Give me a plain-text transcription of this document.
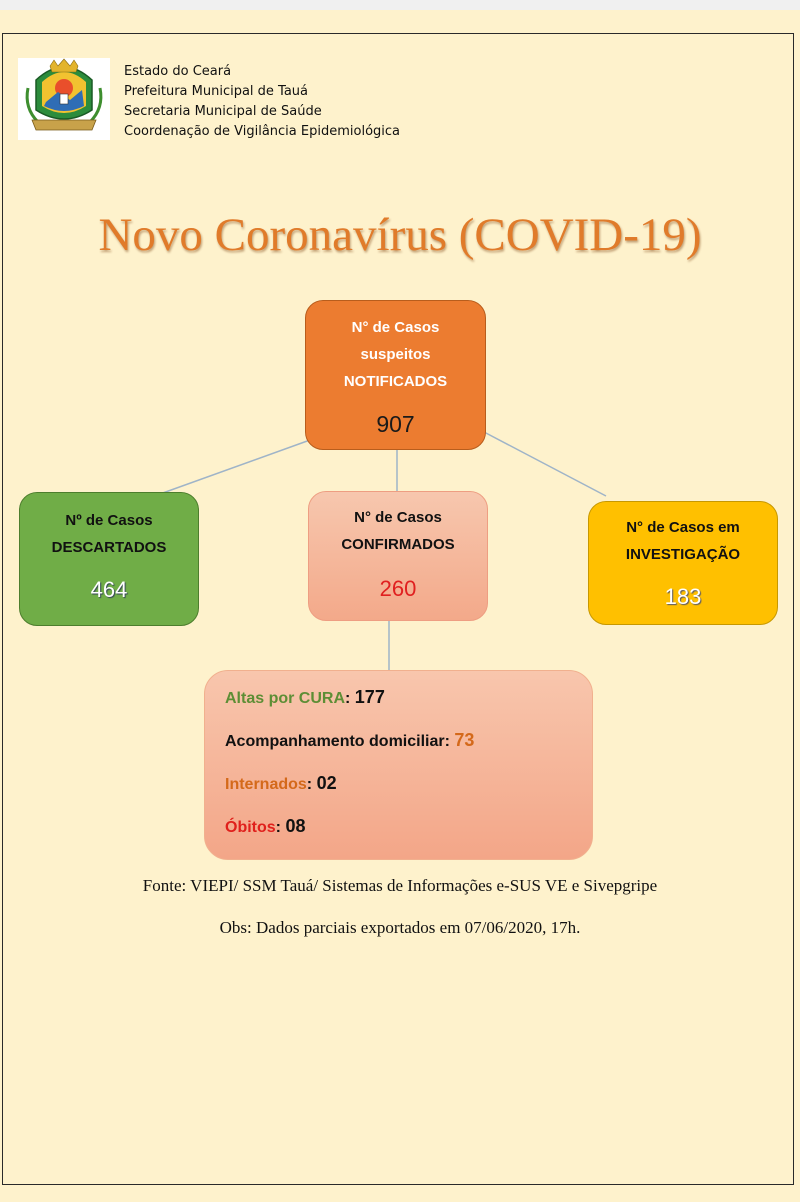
Estado do Ceará
Prefeitura Municipal de Tauá
Secretaria Municipal de Saúde
Coordenação de Vigilância Epidemiológica
Novo Coronavírus (COVID-19)
N° de Casos
suspeitos
NOTIFICADOS
907
Nº de Casos
DESCARTADOS
464
N° de Casos
CONFIRMADOS
260
N° de Casos em
INVESTIGAÇÃO
183
Altas por CURA: 177
Acompanhamento domiciliar: 73
Internados: 02
Óbitos: 08
Fonte: VIEPI/ SSM Tauá/ Sistemas de Informações e-SUS VE e Sivepgripe
Obs: Dados parciais exportados em 07/06/2020, 17h.
